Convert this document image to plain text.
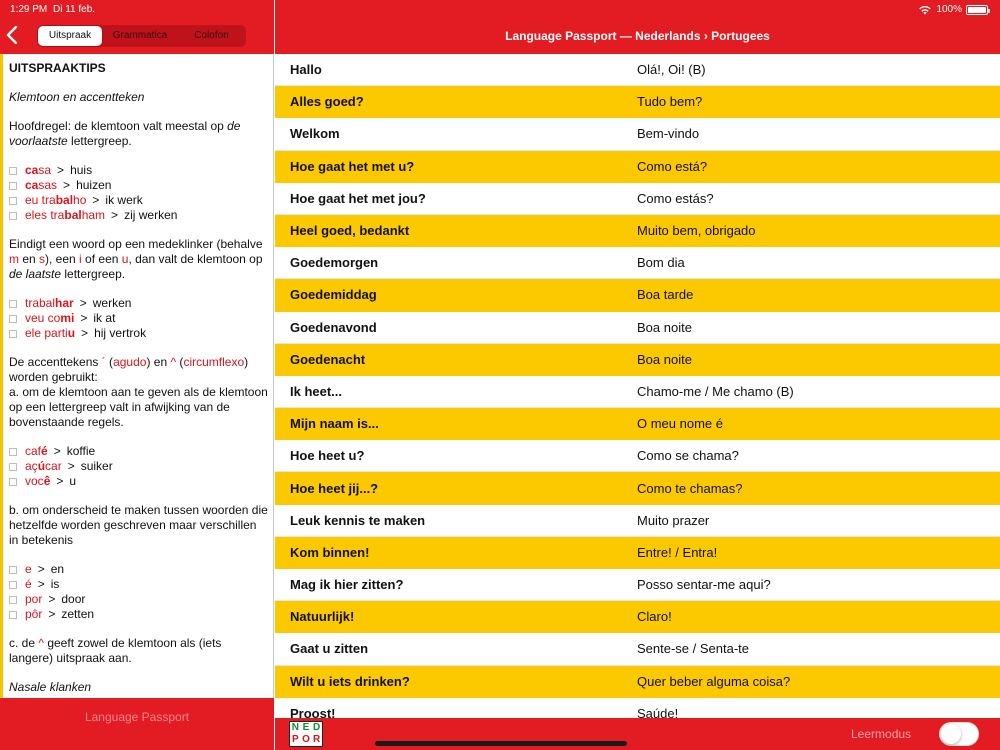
1:29 PM Di 11 feb.	100%
Uitspraak	Grammatica	Colofon
UITSPRAAKTIPS

Klemtoon en accentteken

Hoofdregel: de klemtoon valt meestal op de voorlaatste lettergreep.

ca sa > huis
ca sas > huizen
eu tra bal ho > ik werk
eles tra bal ham > zij werken

Eindigt een woord op een medeklinker (behalve m en s), een i of een u, dan valt de klemtoon op de laatste lettergreep.

trabal har > werken
veu co mi > ik at
ele parti u > hij vertrok

De accenttekens ´ (agudo) en ^ (circumflexo) worden gebruikt:

a. om de klemtoon aan te geven als de klemtoon op een lettergreep valt in afwijking van de bovenstaande regels.

caf é > koffie
aç ú car > suiker
voc ê > u

b. om onderscheid te maken tussen woorden die hetzelfde worden geschreven maar verschillen in betekenis

e > en
é > is
por > door
pôr > zetten

c. de ^ geeft zowel de klemtoon als (iets langere) uitspraak aan.

Nasale klanken

Language Passport
Language Passport — Nederlands › Portugees
Hallo	Olá!, Oi! (B)
Alles goed?	Tudo bem?
Welkom	Bem-vindo
Hoe gaat het met u?	Como está?
Hoe gaat het met jou?	Como estás?
Heel goed, bedankt	Muito bem, obrigado
Goedemorgen	Bom dia
Goedemiddag	Boa tarde
Goedenavond	Boa noite
Goedenacht	Boa noite
Ik heet...	Chamo-me / Me chamo (B)
Mijn naam is...	O meu nome é
Hoe heet u?	Como se chama?
Hoe heet jij...?	Como te chamas?
Leuk kennis te maken	Muito prazer
Kom binnen!	Entre! / Entra!
Mag ik hier zitten?	Posso sentar-me aqui?
Natuurlijk!	Claro!
Gaat u zitten	Sente-se / Senta-te
Wilt u iets drinken?	Quer beber alguma coisa?
Proost!	Saúde!
N E D
P O R	Leermodus
